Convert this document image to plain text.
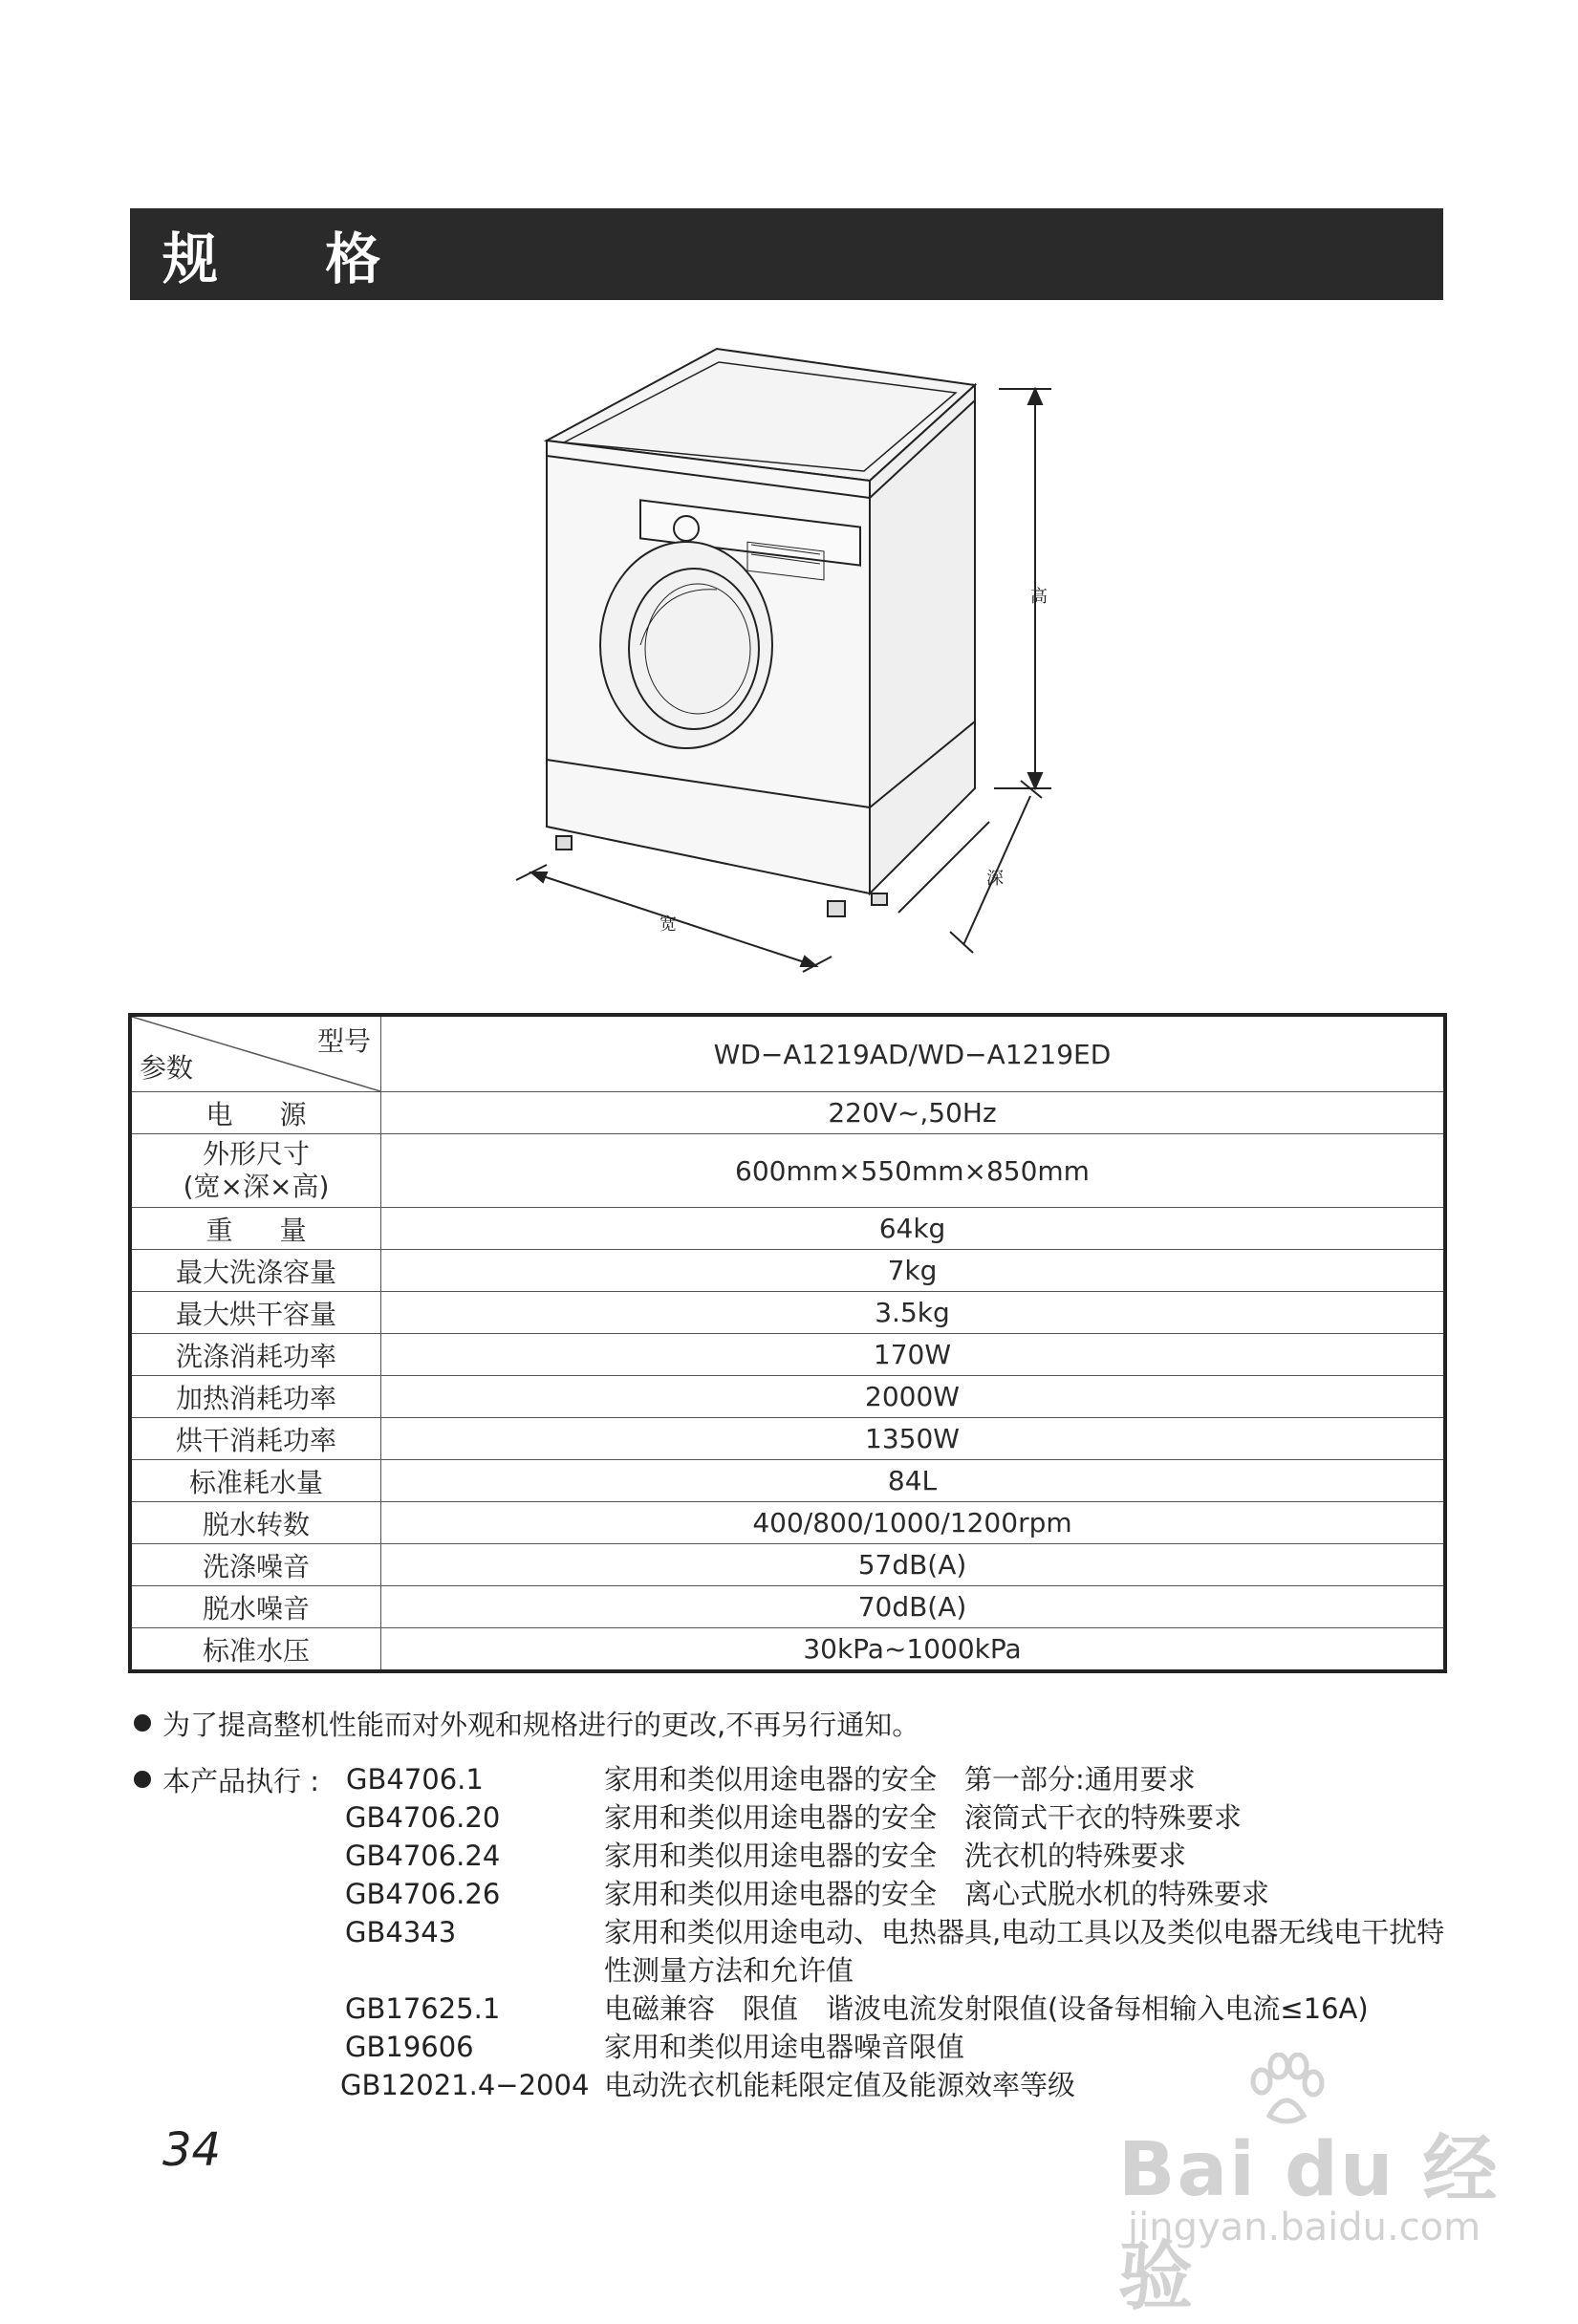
规 格
高
深
宽
型号
参数	WD−A1219AD/WD−A1219ED
电 源	220V~,50Hz

外形尺寸
(宽×深×高)	600mm×550mm×850mm
重 量	64kg
最大洗涤容量	7kg
最大烘干容量	3.5kg
洗涤消耗功率	170W
加热消耗功率	2000W
烘干消耗功率	1350W
标准耗水量	84L
脱水转数	400/800/1000/1200rpm
洗涤噪音	57dB(A)
脱水噪音	70dB(A)
标准水压	30kPa~1000kPa
为了提高整机性能而对外观和规格进行的更改,不再另行通知。
本产品执行 : GB4706.1	家用和类似用途电器的安全　第一部分:通用要求
GB4706.20	家用和类似用途电器的安全　滚筒式干衣的特殊要求
GB4706.24	家用和类似用途电器的安全　洗衣机的特殊要求
GB4706.26	家用和类似用途电器的安全　离心式脱水机的特殊要求
GB4343	家用和类似用途电动、电热器具,电动工具以及类似电器无线电干扰特性测量方法和允许值
GB17625.1	电磁兼容　限值　谐波电流发射限值(设备每相输入电流≤16A)
GB19606	家用和类似用途电器噪音限值
GB12021.4−2004 电动洗衣机能耗限定值及能源效率等级
34	Bai du 经验
jingyan.baidu.com
